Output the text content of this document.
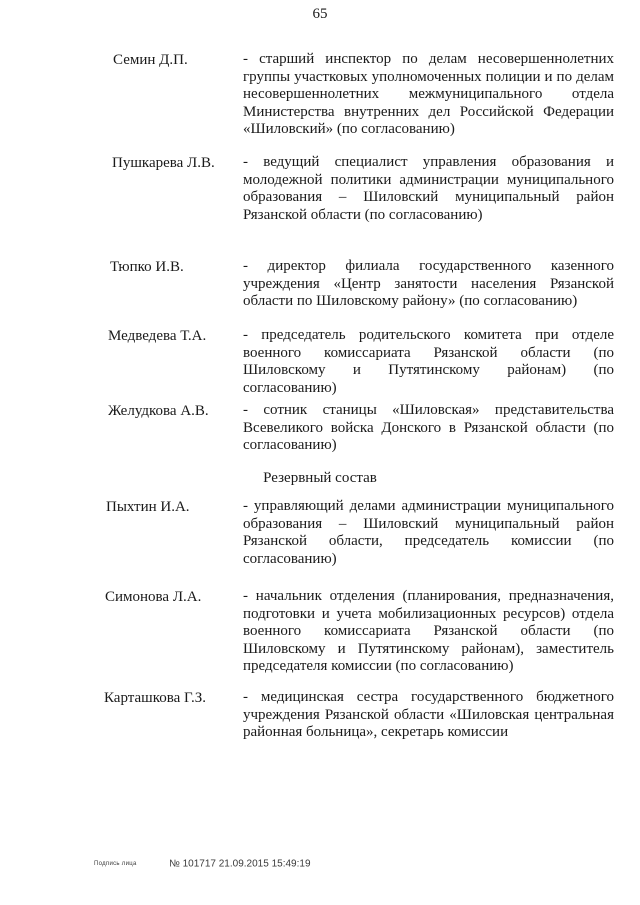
65
Семин Д.П.	- старший инспектор по делам несовершеннолетних группы участковых уполномоченных полиции и по делам несовершеннолетних межмуниципального отдела Министерства внутренних дел Российской Федерации «Шиловский» (по согласованию)
Пушкарева Л.В. - ведущий специалист управления образования и молодежной политики администрации муниципального образования – Шиловский муниципальный район Рязанской области (по согласованию)
Тюпко И.В.	- директор филиала государственного казенного учреждения «Центр занятости населения Рязанской области по Шиловскому району» (по согласованию)
Медведева Т.А. - председатель родительского комитета при отделе военного комиссариата Рязанской области (по Шиловскому и Путятинскому районам) (по согласованию)
Желудкова А.В. - сотник станицы «Шиловская» представительства Всевеликого войска Донского в Рязанской области (по согласованию)
Резервный состав
Пыхтин И.А.	- управляющий делами администрации муниципального образования – Шиловский муниципальный район Рязанской области, председатель комиссии (по согласованию)
Симонова Л.А.	- начальник отделения (планирования, предназначения, подготовки и учета мобилизационных ресурсов) отдела военного комиссариата Рязанской области (по Шиловскому и Путятинскому районам), заместитель председателя комиссии (по согласованию)
Карташкова Г.З. - медицинская сестра государственного бюджетного учреждения Рязанской области «Шиловская центральная районная больница», секретарь комиссии
Подпись лица	№ 101717 21.09.2015 15:49:19
